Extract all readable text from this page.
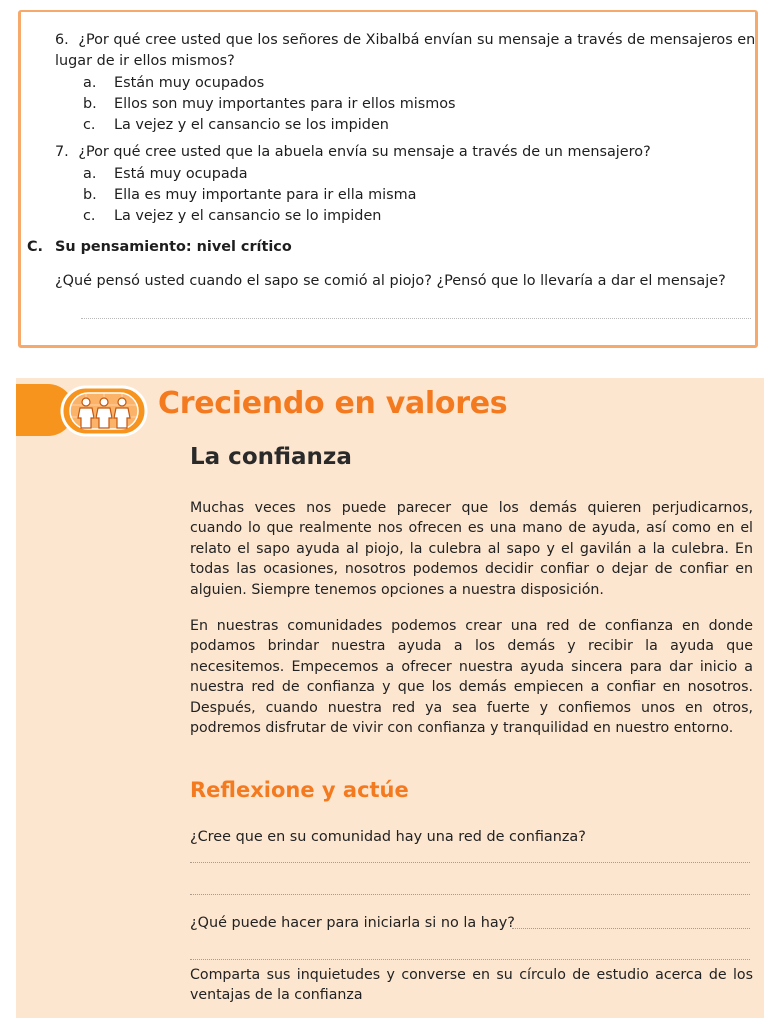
6. ¿Por qué cree usted que los señores de Xibalbá envían su mensaje a través de mensajeros en
lugar de ir ellos mismos?
a. Están muy ocupados
b. Ellos son muy importantes para ir ellos mismos
c. La vejez y el cansancio se los impiden
7. ¿Por qué cree usted que la abuela envía su mensaje a través de un mensajero?
a. Está muy ocupada
b. Ella es muy importante para ir ella misma
c. La vejez y el cansancio se lo impiden
C. Su pensamiento: nivel crítico
¿Qué pensó usted cuando el sapo se comió al piojo? ¿Pensó que lo llevaría a dar el mensaje?
Creciendo en valores
La confianza
Muchas veces nos puede parecer que los demás quieren perjudicarnos, cuando lo que realmente nos ofrecen es una mano de ayuda, así como en el relato el sapo ayuda al piojo, la culebra al sapo y el gavilán a la culebra. En todas las ocasiones, nosotros podemos decidir confiar o dejar de confiar en alguien. Siempre tenemos opciones a nuestra disposición.
En nuestras comunidades podemos crear una red de confianza en donde podamos brindar nuestra ayuda a los demás y recibir la ayuda que necesitemos. Empecemos a ofrecer nuestra ayuda sincera para dar inicio a nuestra red de confianza y que los demás empiecen a confiar en nosotros. Después, cuando nuestra red ya sea fuerte y confiemos unos en otros, podremos disfrutar de vivir con confianza y tranquilidad en nuestro entorno.
Reflexione y actúe
¿Cree que en su comunidad hay una red de confianza?
¿Qué puede hacer para iniciarla si no la hay?
Comparta sus inquietudes y converse en su círculo de estudio acerca de los ventajas de la confianza
